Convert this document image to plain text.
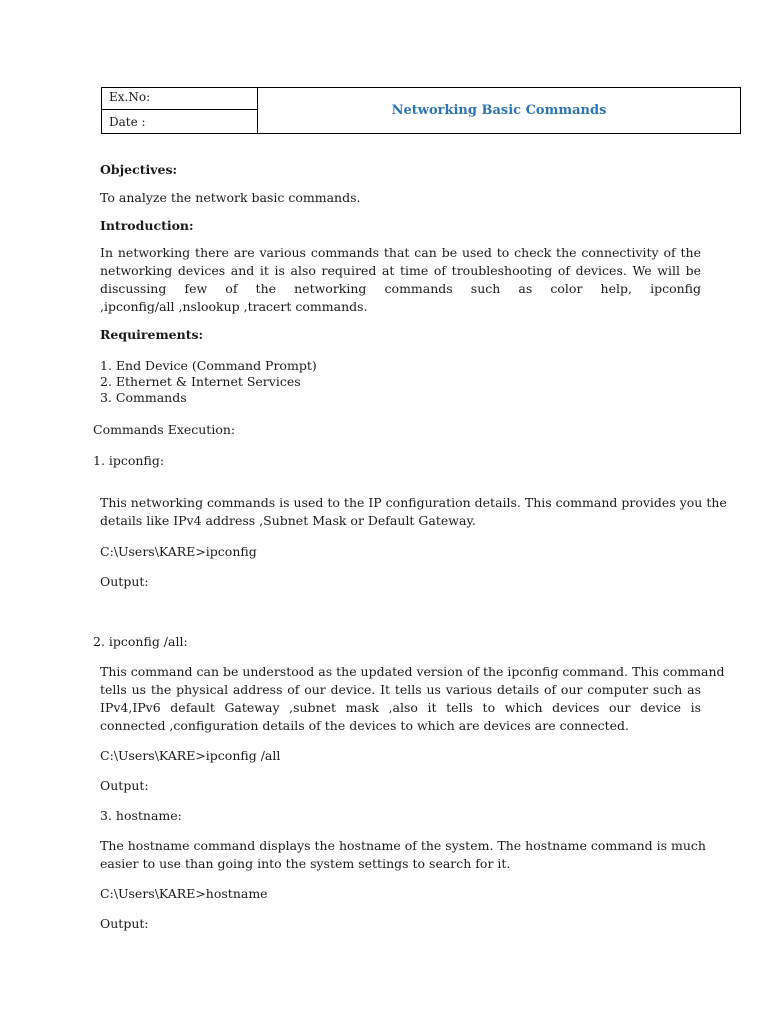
Ex.No:
Date :
Networking Basic Commands

Objectives:

To analyze the network basic commands.

Introduction:

In networking there are various commands that can be used to check the connectivity of the
networking devices and it is also required at time of troubleshooting of devices. We will be
discussing few of the networking commands such as color help, ipconfig
,ipconfig/all ,nslookup ,tracert commands.

Requirements:

1. End Device (Command Prompt)
2. Ethernet & Internet Services
3. Commands

Commands Execution:

1. ipconfig:

This networking commands is used to the IP configuration details. This command provides you the
details like IPv4 address ,Subnet Mask or Default Gateway.

C:\Users\KARE>ipconfig

Output:

2. ipconfig /all:

This command can be understood as the updated version of the ipconfig command. This command
tells us the physical address of our device. It tells us various details of our computer such as
IPv4,IPv6 default Gateway ,subnet mask ,also it tells to which devices our device is
connected ,configuration details of the devices to which are devices are connected.

C:\Users\KARE>ipconfig /all

Output:

3. hostname:

The hostname command displays the hostname of the system. The hostname command is much
easier to use than going into the system settings to search for it.

C:\Users\KARE>hostname

Output:
